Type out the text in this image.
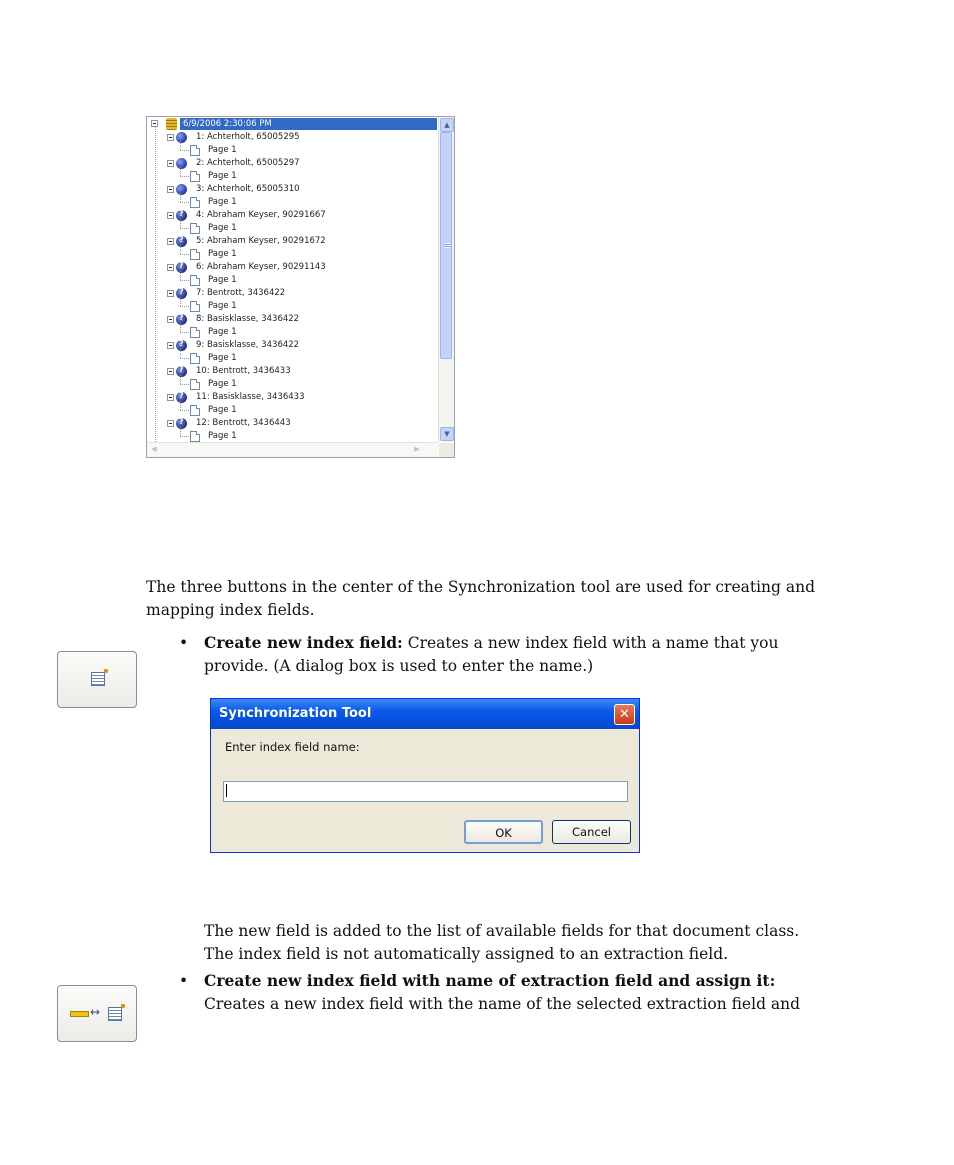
6/9/2006 2:30:06 PM
1: Achterholt, 65005295
Page 1
2: Achterholt, 65005297
Page 1
3: Achterholt, 65005310
Page 1
?
4: Abraham Keyser, 90291667
Page 1
?
5: Abraham Keyser, 90291672
Page 1
?
6: Abraham Keyser, 90291143
Page 1
?
7: Bentrott, 3436422
Page 1
?
8: Basisklasse, 3436422
Page 1
?
9: Basisklasse, 3436422
Page 1
?
10: Bentrott, 3436433
Page 1
?
11: Basisklasse, 3436433
Page 1
?
12: Bentrott, 3436443
Page 1
▲
▼
◀	▶

The three buttons in the center of the Synchronization tool are used for creating and mapping index fields.

• Create new index field: Creates a new index field with a name that you provide. (A dialog box is used to enter the name.)

Synchronization Tool	✕
Enter index field name:
OK	Cancel

The new field is added to the list of available fields for that document class. The index field is not automatically assigned to an extraction field.

• Create new index field with name of extraction field and assign it: Creates a new index field with the name of the selected extraction field and

↔
